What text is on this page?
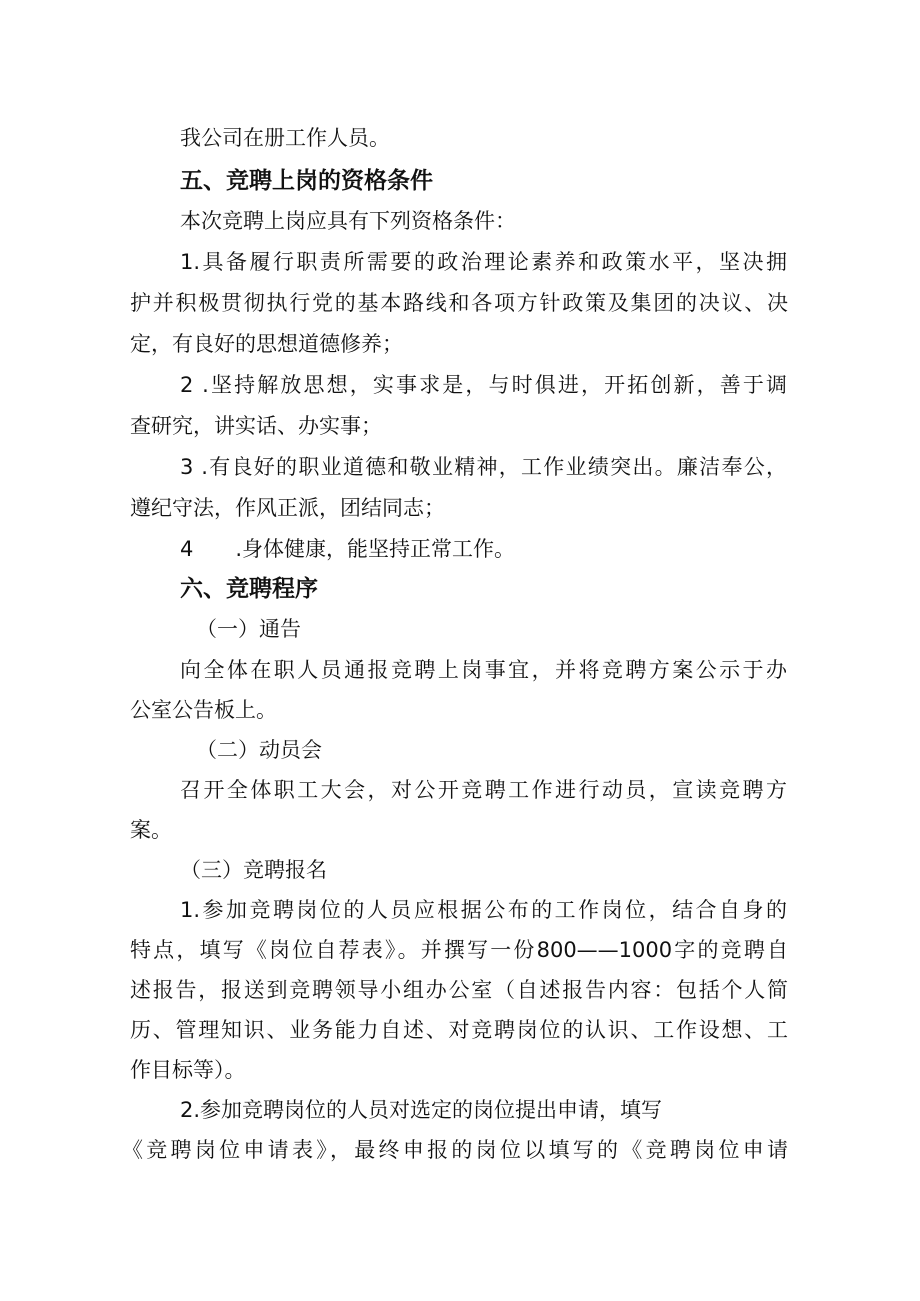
我公司在册工作人员。

五、竞聘上岗的资格条件

本次竞聘上岗应具有下列资格条件：

1.具备履行职责所需要的政治理论素养和政策水平，坚决拥

护并积极贯彻执行党的基本路线和各项方针政策及集团的决议、决

定，有良好的思想道德修养；

2 .坚持解放思想，实事求是，与时俱进，开拓创新，善于调

查研究，讲实话、办实事；

3 .有良好的职业道德和敬业精神，工作业绩突出。廉洁奉公，

遵纪守法，作风正派，团结同志；

4　　.身体健康，能坚持正常工作。

六、竞聘程序

（一）通告

向全体在职人员通报竞聘上岗事宜，并将竞聘方案公示于办

公室公告板上。

（二）动员会

召开全体职工大会，对公开竞聘工作进行动员，宣读竞聘方

案。

（三）竞聘报名

1.参加竞聘岗位的人员应根据公布的工作岗位，结合自身的

特点，填写《岗位自荐表》。并撰写一份800——1000字的竞聘自

述报告，报送到竞聘领导小组办公室（自述报告内容：包括个人简

历、管理知识、业务能力自述、对竞聘岗位的认识、工作设想、工

作目标等）。

2.参加竞聘岗位的人员对选定的岗位提出申请，填写

《竞聘岗位申请表》，最终申报的岗位以填写的《竞聘岗位申请
